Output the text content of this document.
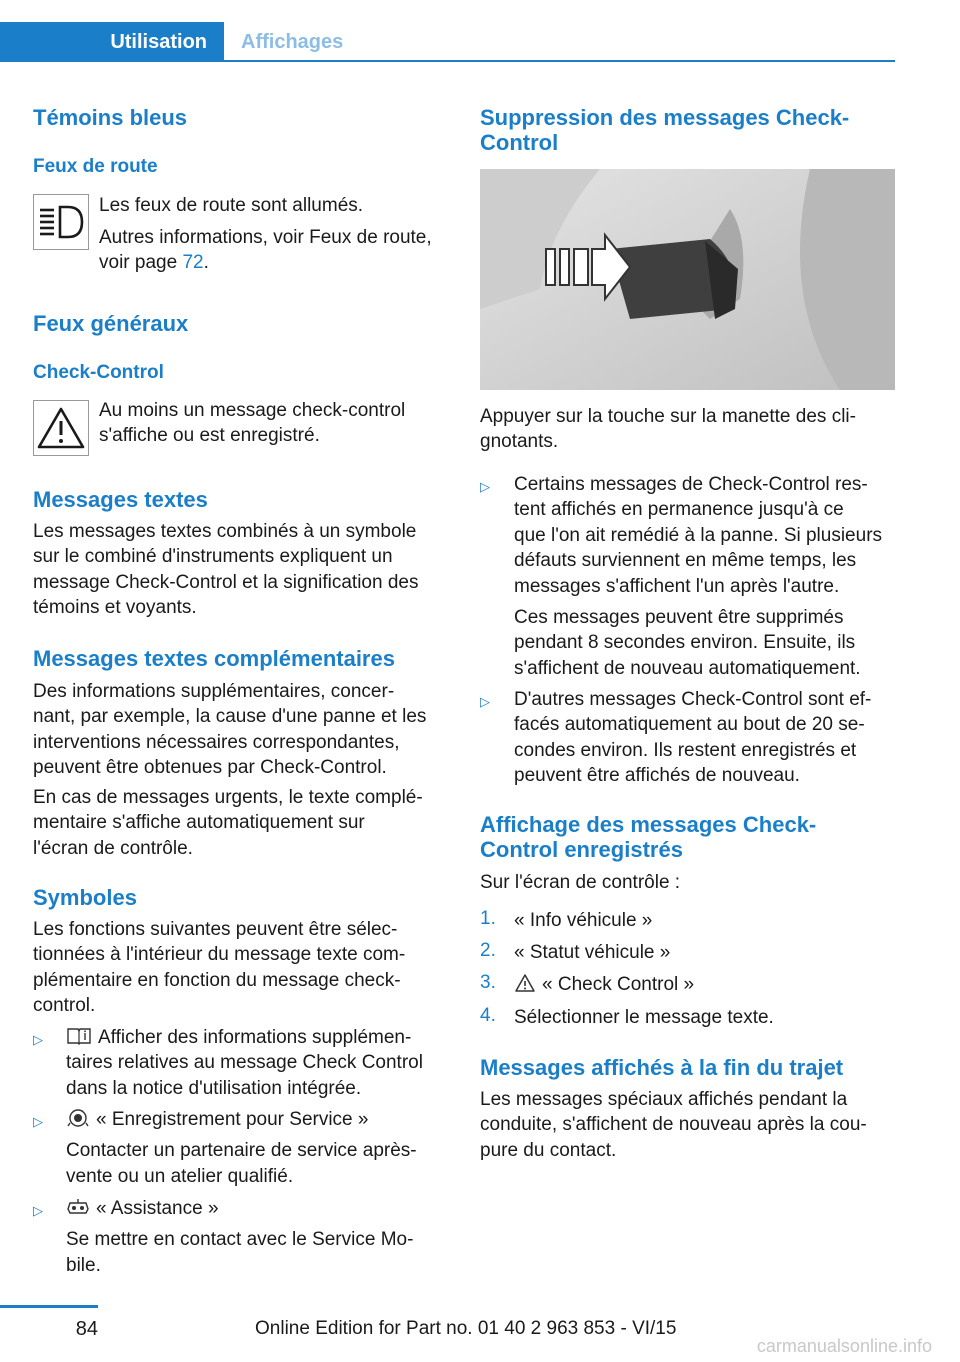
Utilisation	Affichages
Témoins bleus
Feux de route
Les feux de route sont allumés.
Autres informations, voir Feux de route,
voir page 72.
Feux généraux
Check-Control
Au moins un message check-control
s'affiche ou est enregistré.
Messages textes
Les messages textes combinés à un symbole
sur le combiné d'instruments expliquent un
message Check-Control et la signification des
témoins et voyants.
Messages textes complémentaires
Des informations supplémentaires, concer‐
nant, par exemple, la cause d'une panne et les
interventions nécessaires correspondantes,
peuvent être obtenues par Check-Control.
En cas de messages urgents, le texte complé‐
mentaire s'affiche automatiquement sur
l'écran de contrôle.
Symboles
Les fonctions suivantes peuvent être sélec‐
tionnées à l'intérieur du message texte com‐
plémentaire en fonction du message check-
control.
▷	Afficher des informations supplémen‐
taires relatives au message Check Control
dans la notice d'utilisation intégrée.
▷	« Enregistrement pour Service »
Contacter un partenaire de service après-
vente ou un atelier qualifié.
▷	« Assistance »
Se mettre en contact avec le Service Mo‐
bile.
Suppression des messages Check-
Control
Appuyer sur la touche sur la manette des cli‐
gnotants.
▷ Certains messages de Check-Control res‐
tent affichés en permanence jusqu'à ce
que l'on ait remédié à la panne. Si plusieurs
défauts surviennent en même temps, les
messages s'affichent l'un après l'autre.
Ces messages peuvent être supprimés
pendant 8 secondes environ. Ensuite, ils
s'affichent de nouveau automatiquement.
▷ D'autres messages Check-Control sont ef‐
facés automatiquement au bout de 20 se‐
condes environ. Ils restent enregistrés et
peuvent être affichés de nouveau.
Affichage des messages Check-
Control enregistrés
Sur l'écran de contrôle :
1. « Info véhicule »
2. « Statut véhicule »
3.	« Check Control »
4. Sélectionner le message texte.
Messages affichés à la fin du trajet
Les messages spéciaux affichés pendant la
conduite, s'affichent de nouveau après la cou‐
pure du contact.
84	Online Edition for Part no. 01 40 2 963 853 - VI/15
carmanualsonline.info
